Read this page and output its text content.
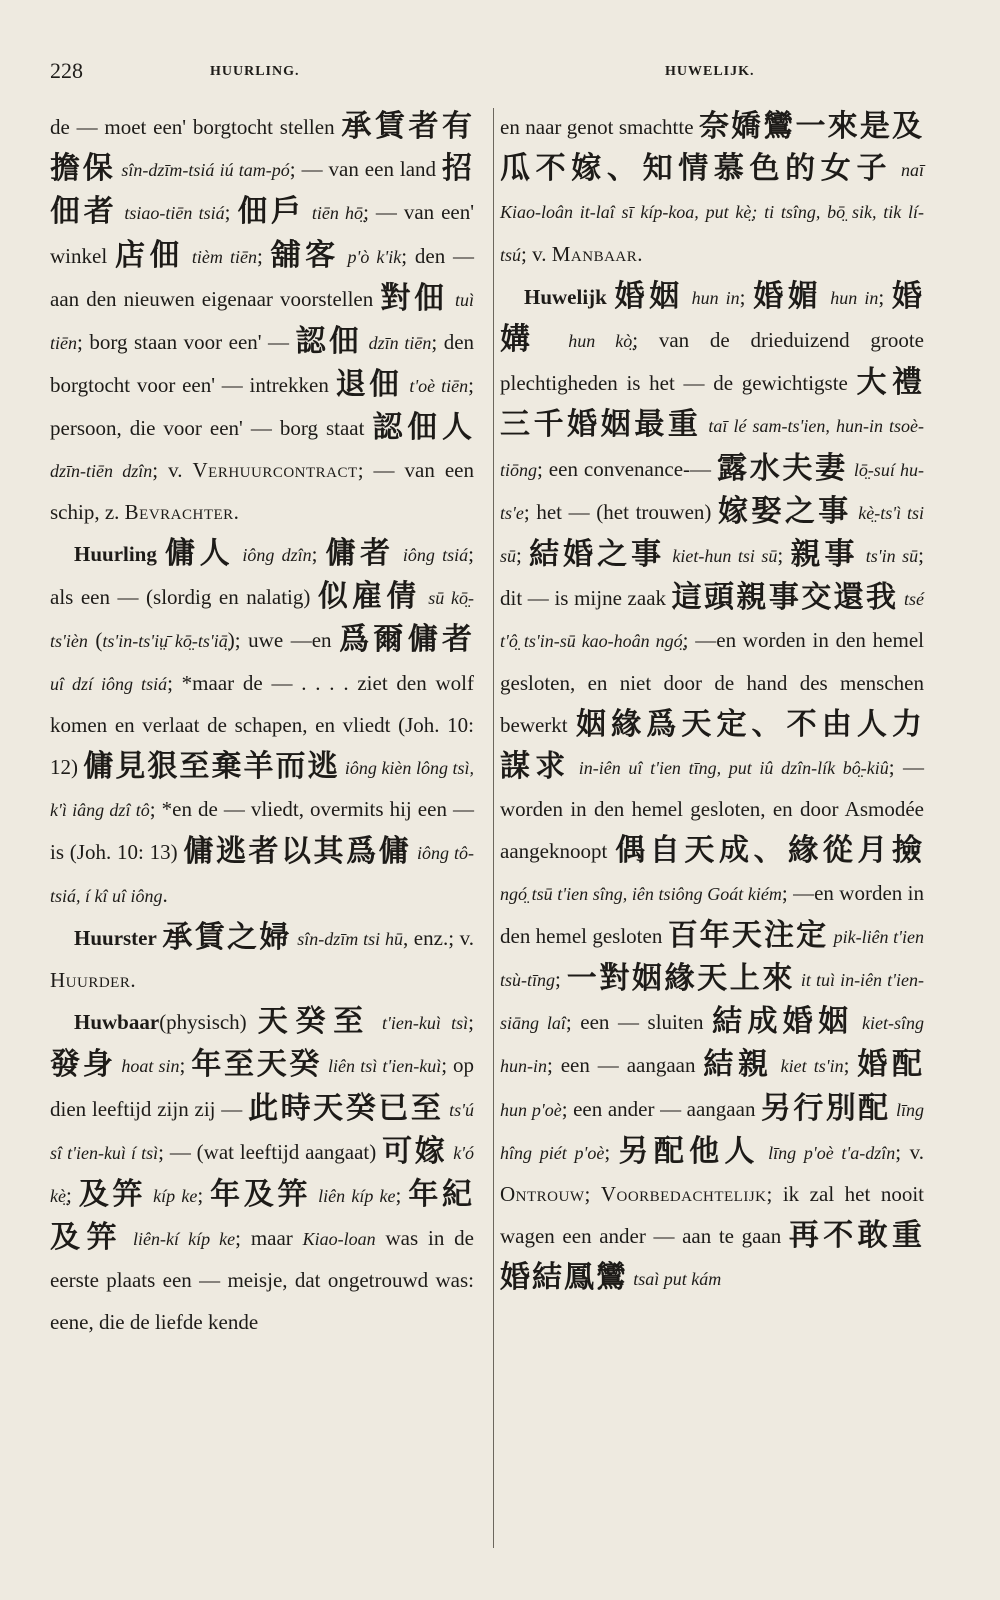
228	HUURLING.	HUWELIJK.

de — moet een' borgtocht stellen 承賃者有擔保 sîn-dzīm-tsiá iú tam-pó; — van een land 招佃者 tsiao-tiēn tsiá; 佃戶 tiēn hō̤; — van een' winkel 店佃 tièm tiēn; 舖客 p'ò k'ik; den — aan den nieuwen eigenaar voorstellen 對佃 tuì tiēn; borg staan voor een' — 認佃 dzīn tiēn; den borgtocht voor een' — intrekken 退佃 t'oè tiēn; persoon, die voor een' — borg staat 認佃人 dzīn-tiēn dzîn; v. Verhuurcontract; — van een schip, z. Bevrachter.

Huurling 傭人 iông dzîn; 傭者 iông tsiá; als een — (slordig en nalatig) 似雇倩 sū kō̤-ts'ièn (ts'in-ts'iṳ̄ kō̤-ts'iā̤); uwe —en 爲爾傭者 uî dzí iông tsiá; *maar de — . . . . ziet den wolf komen en verlaat de schapen, en vliedt (Joh. 10: 12) 傭見狠至棄羊而逃 iông kièn lông tsì, k'ì iâng dzî tô; *en de — vliedt, overmits hij een — is (Joh. 10: 13) 傭逃者以其爲傭 iông tô-tsiá, í kî uî iông.

Huurster 承賃之婦 sîn-dzīm tsi hū, enz.; v. Huurder.

Huwbaar(physisch) 天癸至 t'ien-kuì tsì; 發身 hoat sin; 年至天癸 liên tsì t'ien-kuì; op dien leeftijd zijn zij — 此時天癸已至 ts'ú sî t'ien-kuì í tsì; — (wat leeftijd aangaat) 可嫁 k'ó kè̤; 及笄 kíp ke; 年及笄 liên kíp ke; 年紀及笄 liên-kí kíp ke; maar Kiao-loan was in de eerste plaats een — meisje, dat ongetrouwd was: eene, die de liefde kende

en naar genot smachtte 奈嬌鸞一來是及瓜不嫁、知情慕色的女子 naī Kiao-loân it-laî sī kíp-koa, put kè̤; ti tsîng, bō̤ sik, tik lí-tsú; v. Manbaar.

Huwelijk 婚姻 hun in; 婚媚 hun in; 婚媾 hun kò̤; van de drieduizend groote plechtigheden is het — de gewichtigste 大禮三千婚姻最重 taī lé sam-ts'ien, hun-in tsoè-tiōng; een convenance-— 露水夫妻 lō̤-suí hu-ts'e; het — (het trouwen) 嫁娶之事 kè̤-ts'ì tsi sū; 結婚之事 kiet-hun tsi sū; 親事 ts'in sū; dit — is mijne zaak 這頭親事交還我 tsé t'ô̤ ts'in-sū kao-hoân ngó̤; —en worden in den hemel gesloten, en niet door de hand des menschen bewerkt 姻緣爲天定、不由人力謀求 in-iên uî t'ien tīng, put iû dzîn-lík bô̤-kiû; — worden in den hemel gesloten, en door Asmodée aangeknoopt 偶自天成、緣從月撿 ngó̤ tsū t'ien sîng, iên tsiông Goát kiém; —en worden in den hemel gesloten 百年天注定 pik-liên t'ien tsù-tīng; 一對姻緣天上來 it tuì in-iên t'ien-siāng laî; een — sluiten 結成婚姻 kiet-sîng hun-in; een — aangaan 結親 kiet ts'in; 婚配 hun p'oè; een ander — aangaan 另行別配 līng hîng piét p'oè; 另配他人 līng p'oè t'a-dzîn; v. Ontrouw; Voorbedachtelijk; ik zal het nooit wagen een ander — aan te gaan 再不敢重婚結鳳鸞 tsaì put kám
